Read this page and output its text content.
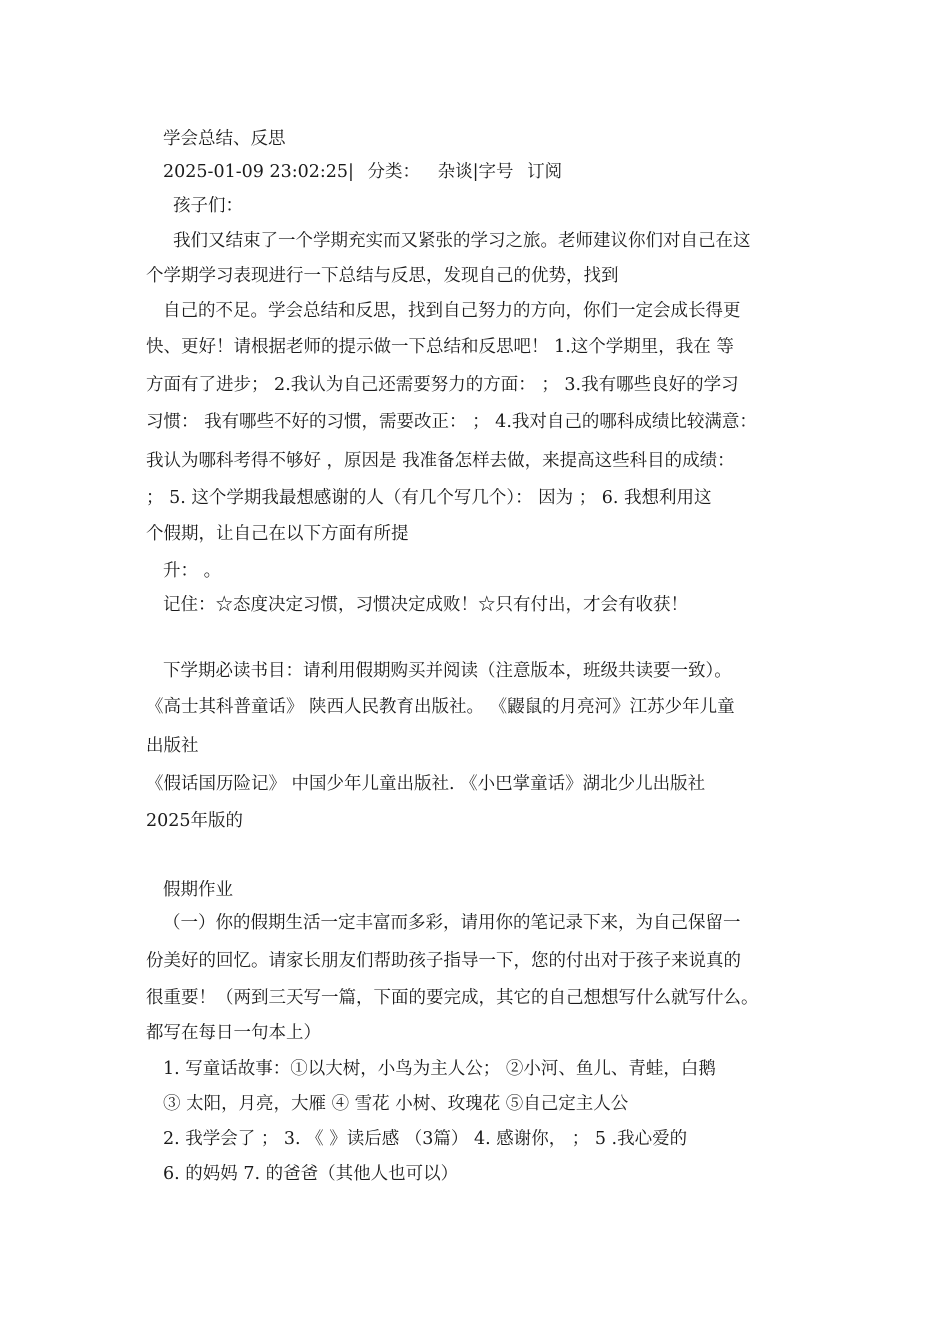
学会总结、反思
2025-01-09 23:02:25| 分类： 杂谈|字号 订阅
孩子们：
我们又结束了一个学期充实而又紧张的学习之旅。老师建议你们对自己在这
个学期学习表现进行一下总结与反思，发现自己的优势，找到
自己的不足。学会总结和反思，找到自己努力的方向，你们一定会成长得更
快、更好！请根据老师的提示做一下总结和反思吧！ 1.这个学期里，我在 等
方面有了进步； 2.我认为自己还需要努力的方面： ； 3.我有哪些良好的学习
习惯： 我有哪些不好的习惯，需要改正： ； 4.我对自己的哪科成绩比较满意：
我认为哪科考得不够好 ，原因是 我准备怎样去做，来提高这些科目的成绩：
； 5. 这个学期我最想感谢的人（有几个写几个）： 因为 ； 6. 我想利用这
个假期，让自己在以下方面有所提
升： 。
记住：☆态度决定习惯，习惯决定成败！☆只有付出，才会有收获！
下学期必读书目：请利用假期购买并阅读（注意版本，班级共读要一致）。
《高士其科普童话》 陕西人民教育出版社。 《鼹鼠的月亮河》江苏少年儿童
出版社
《假话国历险记》 中国少年儿童出版社. 《小巴掌童话》湖北少儿出版社
2025年版的
假期作业
（一）你的假期生活一定丰富而多彩，请用你的笔记录下来，为自己保留一
份美好的回忆。请家长朋友们帮助孩子指导一下，您的付出对于孩子来说真的
很重要！（两到三天写一篇，下面的要完成，其它的自己想想写什么就写什么。
都写在每日一句本上）
1. 写童话故事：①以大树，小鸟为主人公； ②小河、鱼儿、青蛙，白鹅
③ 太阳，月亮，大雁 ④ 雪花 小树、玫瑰花 ⑤自己定主人公
2. 我学会了 ； 3. 《 》读后感 （3篇） 4. 感谢你， ； 5 .我心爱的
6. 的妈妈 7. 的爸爸（其他人也可以）
